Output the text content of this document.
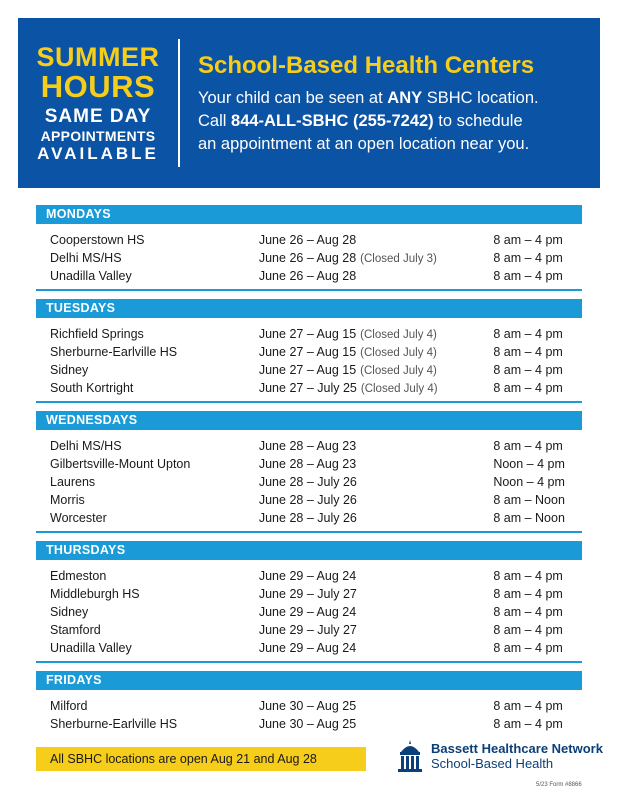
SUMMER
HOURS
SAME DAY
APPOINTMENTS
AVAILABLE
School-Based Health Centers
Your child can be seen at ANY SBHC location.
Call 844-ALL-SBHC (255-7242) to schedule
an appointment at an open location near you.
MONDAYS
Cooperstown HS	June 26 – Aug 28	8 am – 4 pm
Delhi MS/HS	June 26 – Aug 28 (Closed July 3)	8 am – 4 pm
Unadilla Valley	June 26 – Aug 28	8 am – 4 pm
TUESDAYS
Richfield Springs	June 27 – Aug 15 (Closed July 4)	8 am – 4 pm
Sherburne-Earlville HS	June 27 – Aug 15 (Closed July 4)	8 am – 4 pm
Sidney	June 27 – Aug 15 (Closed July 4)	8 am – 4 pm
South Kortright	June 27 – July 25 (Closed July 4)	8 am – 4 pm
WEDNESDAYS
Delhi MS/HS	June 28 – Aug 23	8 am – 4 pm
Gilbertsville-Mount Upton	June 28 – Aug 23	Noon – 4 pm
Laurens	June 28 – July 26	Noon – 4 pm
Morris	June 28 – July 26	8 am – Noon
Worcester	June 28 – July 26	8 am – Noon
THURSDAYS
Edmeston	June 29 – Aug 24	8 am – 4 pm
Middleburgh HS	June 29 – July 27	8 am – 4 pm
Sidney	June 29 – Aug 24	8 am – 4 pm
Stamford	June 29 – July 27	8 am – 4 pm
Unadilla Valley	June 29 – Aug 24	8 am – 4 pm
FRIDAYS
Milford	June 30 – Aug 25	8 am – 4 pm
Sherburne-Earlville HS	June 30 – Aug 25	8 am – 4 pm
All SBHC locations are open Aug 21 and Aug 28
Bassett Healthcare Network
School-Based Health
5/23 Form #8866
